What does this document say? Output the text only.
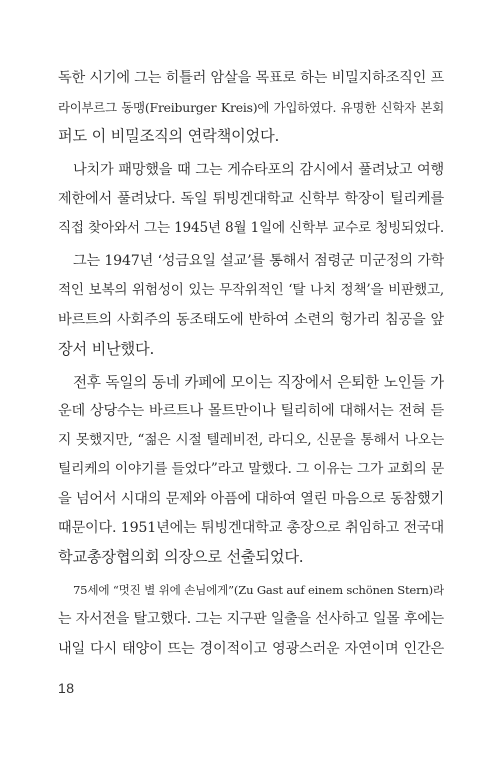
독한 시기에 그는 히틀러 암살을 목표로 하는 비밀지하조직인 프
라이부르그 동맹(Freiburger Kreis)에 가입하였다. 유명한 신학자 본회
퍼도 이 비밀조직의 연락책이었다.
나치가 패망했을 때 그는 게슈타포의 감시에서 풀려났고 여행
제한에서 풀려났다. 독일 튀빙겐대학교 신학부 학장이 틸리케를
직접 찾아와서 그는 1945년 8월 1일에 신학부 교수로 청빙되었다.
그는 1947년 ‘성금요일 설교’를 통해서 점령군 미군정의 가학
적인 보복의 위험성이 있는 무작위적인 ‘탈 나치 정책’을 비판했고,
바르트의 사회주의 동조태도에 반하여 소련의 헝가리 침공을 앞
장서 비난했다.
전후 독일의 동네 카페에 모이는 직장에서 은퇴한 노인들 가
운데 상당수는 바르트나 몰트만이나 틸리히에 대해서는 전혀 듣
지 못했지만, “젊은 시절 텔레비전, 라디오, 신문을 통해서 나오는
틸리케의 이야기를 들었다”라고 말했다. 그 이유는 그가 교회의 문
을 넘어서 시대의 문제와 아픔에 대하여 열린 마음으로 동참했기
때문이다. 1951년에는 튀빙겐대학교 총장으로 취임하고 전국대
학교총장협의회 의장으로 선출되었다.
75세에 “멋진 별 위에 손님에게”(Zu Gast auf einem schönen Stern)라
는 자서전을 탈고했다. 그는 지구판 일출을 선사하고 일몰 후에는
내일 다시 태양이 뜨는 경이적이고 영광스러운 자연이며 인간은
18
